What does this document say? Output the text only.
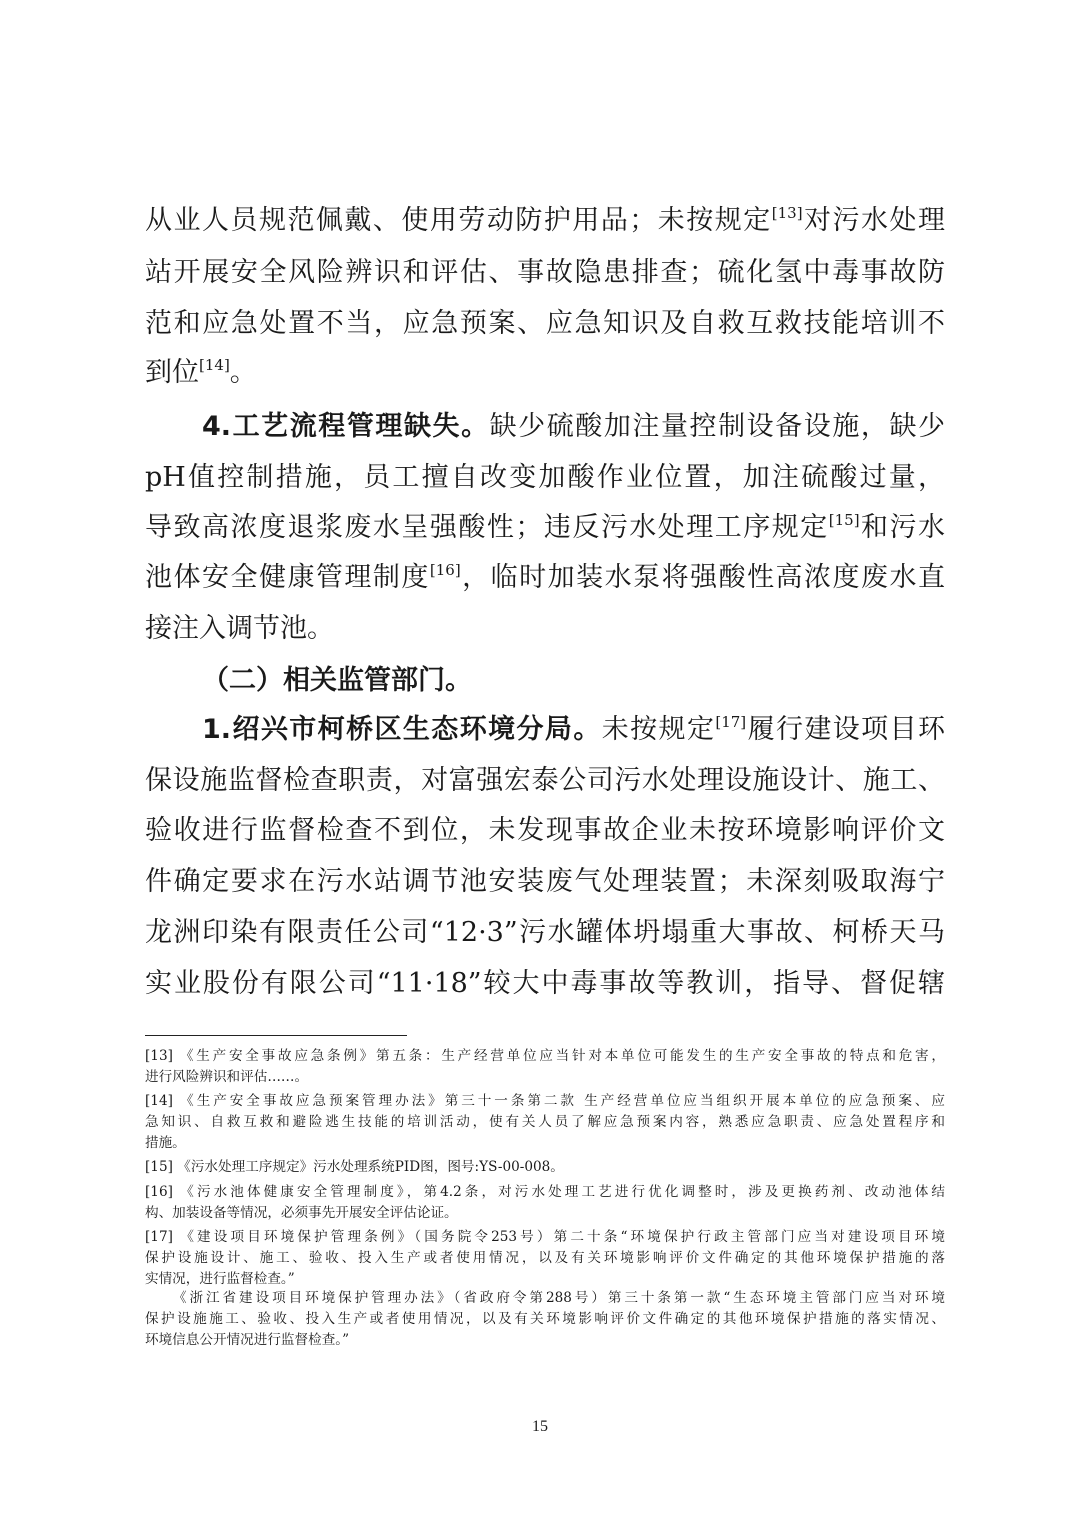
从业人员规范佩戴、使用劳动防护用品；未按规定[13]对污水处理
站开展安全风险辨识和评估、事故隐患排查；硫化氢中毒事故防
范和应急处置不当，应急预案、应急知识及自救互救技能培训不
到位[14]。
4.工艺流程管理缺失。缺少硫酸加注量控制设备设施，缺少
pH值控制措施，员工擅自改变加酸作业位置，加注硫酸过量，
导致高浓度退浆废水呈强酸性；违反污水处理工序规定[15]和污水
池体安全健康管理制度[16]，临时加装水泵将强酸性高浓度废水直
接注入调节池。
（二）相关监管部门。
1.绍兴市柯桥区生态环境分局。未按规定[17]履行建设项目环
保设施监督检查职责，对富强宏泰公司污水处理设施设计、施工、
验收进行监督检查不到位，未发现事故企业未按环境影响评价文
件确定要求在污水站调节池安装废气处理装置；未深刻吸取海宁
龙洲印染有限责任公司“12·3”污水罐体坍塌重大事故、柯桥天马
实业股份有限公司“11·18”较大中毒事故等教训，指导、督促辖
[13] 《生产安全事故应急条例》第五条：生产经营单位应当针对本单位可能发生的生产安全事故的特点和危害，
进行风险辨识和评估……。
[14] 《生产安全事故应急预案管理办法》第三十一条第二款 生产经营单位应当组织开展本单位的应急预案、应
急知识、自救互救和避险逃生技能的培训活动，使有关人员了解应急预案内容，熟悉应急职责、应急处置程序和
措施。
[15] 《污水处理工序规定》污水处理系统PID图，图号:YS-00-008。
[16] 《污水池体健康安全管理制度》，第4.2条，对污水处理工艺进行优化调整时，涉及更换药剂、改动池体结
构、加装设备等情况，必须事先开展安全评估论证。
[17] 《建设项目环境保护管理条例》（国务院令253号）第二十条“环境保护行政主管部门应当对建设项目环境
保护设施设计、施工、验收、投入生产或者使用情况，以及有关环境影响评价文件确定的其他环境保护措施的落
实情况，进行监督检查。”
《浙江省建设项目环境保护管理办法》（省政府令第288号）第三十条第一款“生态环境主管部门应当对环境
保护设施施工、验收、投入生产或者使用情况，以及有关环境影响评价文件确定的其他环境保护措施的落实情况、
环境信息公开情况进行监督检查。”
15
